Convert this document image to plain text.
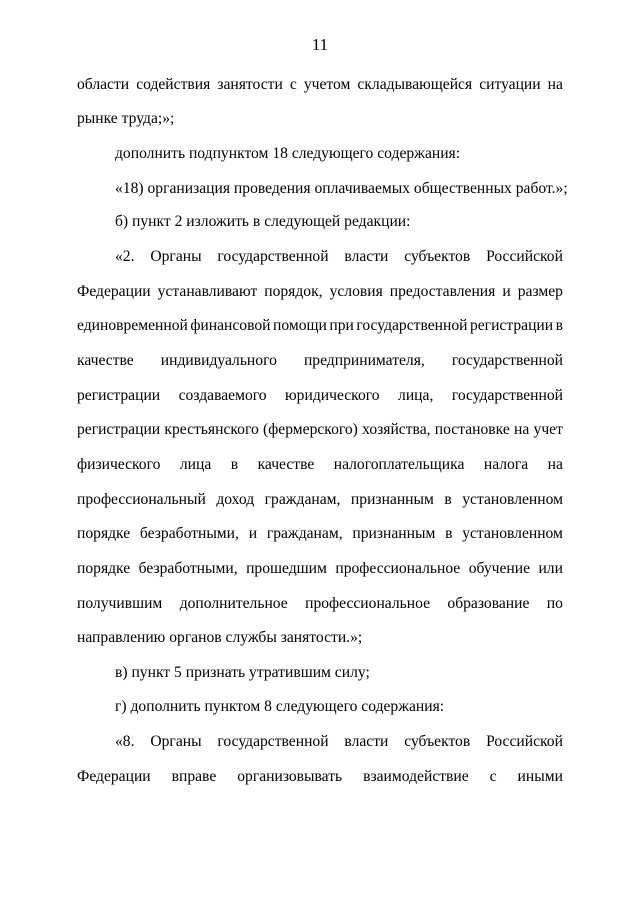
11
области содействия занятости с учетом складывающейся ситуации на
рынке труда;»;
дополнить подпунктом 18 следующего содержания:
«18) организация проведения оплачиваемых общественных работ.»;
б) пункт 2 изложить в следующей редакции:
«2. Органы государственной власти субъектов Российской
Федерации устанавливают порядок, условия предоставления и размер
единовременной финансовой помощи при государственной регистрации в
качестве индивидуального предпринимателя, государственной
регистрации создаваемого юридического лица, государственной
регистрации крестьянского (фермерского) хозяйства, постановке на учет
физического лица в качестве налогоплательщика налога на
профессиональный доход гражданам, признанным в установленном
порядке безработными, и гражданам, признанным в установленном
порядке безработными, прошедшим профессиональное обучение или
получившим дополнительное профессиональное образование по
направлению органов службы занятости.»;
в) пункт 5 признать утратившим силу;
г) дополнить пунктом 8 следующего содержания:
«8. Органы государственной власти субъектов Российской
Федерации вправе организовывать взаимодействие с иными
